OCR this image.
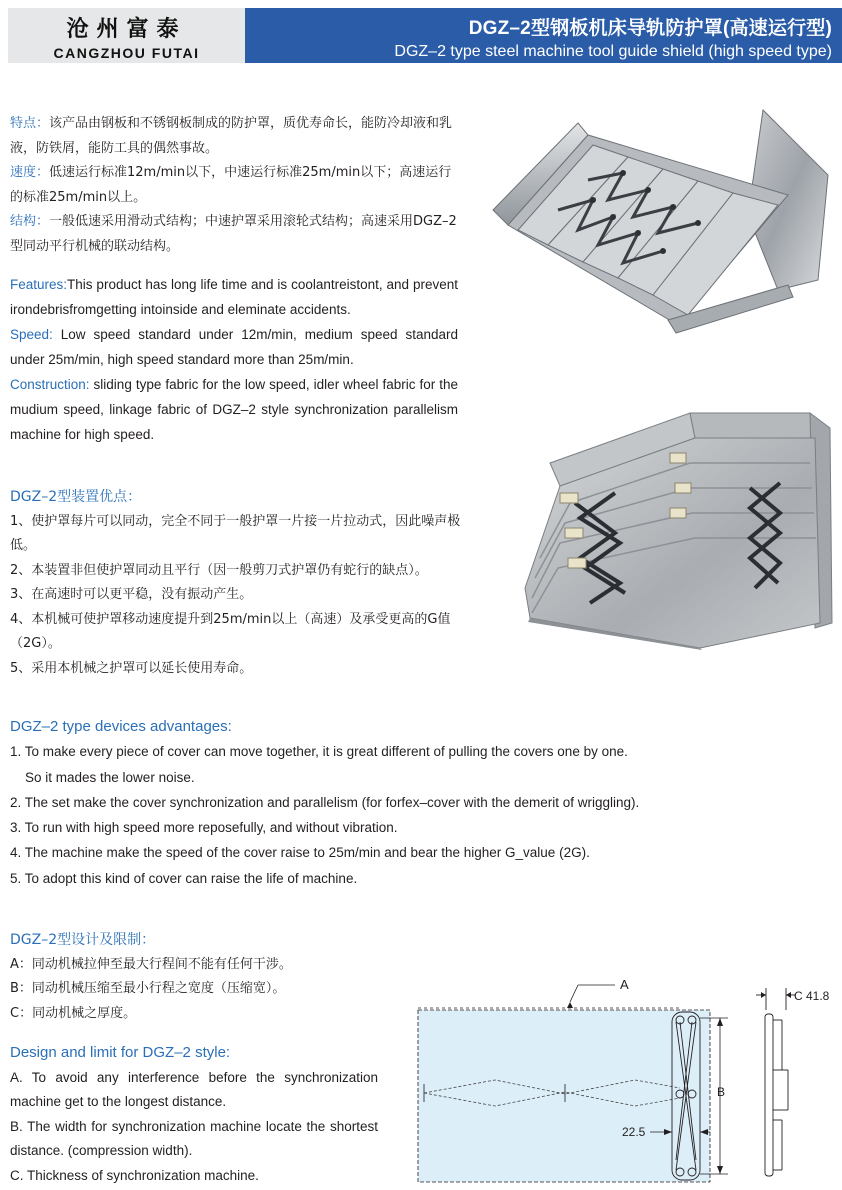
沧州富泰
CANGZHOU FUTAI
DGZ–2型钢板机床导轨防护罩(高速运行型)
DGZ–2 type steel machine tool guide shield (high speed type)

特点：该产品由钢板和不锈钢板制成的防护罩，质优寿命长，能防冷却液和乳液，防铁屑，能防工具的偶然事故。

速度：低速运行标准12m/min以下，中速运行标准25m/min以下；高速运行的标准25m/min以上。

结构：一般低速采用滑动式结构；中速护罩采用滚轮式结构；高速采用DGZ–2型同动平行机械的联动结构。

Features:This product has long life time and is coolantreistont, and prevent irondebrisfromgetting intoinside and eleminate accidents.

Speed: Low speed standard under 12m/min, medium speed standard under 25m/min, high speed standard more than 25m/min.

Construction: sliding type fabric for the low speed, idler wheel fabric for the mudium speed, linkage fabric of DGZ–2 style synchronization parallelism machine for high speed.

DGZ–2型装置优点：

1、使护罩每片可以同动，完全不同于一般护罩一片接一片拉动式，因此噪声极低。

2、本装置非但使护罩同动且平行（因一般剪刀式护罩仍有蛇行的缺点）。

3、在高速时可以更平稳，没有振动产生。

4、本机械可使护罩移动速度提升到25m/min以上（高速）及承受更高的G值（2G）。

5、采用本机械之护罩可以延长使用寿命。

DGZ–2 type devices advantages:

1. To make every piece of cover can move together, it is great different of pulling the covers one by one.

So it mades the lower noise.

2. The set make the cover synchronization and parallelism (for forfex–cover with the demerit of wriggling).

3. To run with high speed more reposefully, and without vibration.

4. The machine make the speed of the cover raise to 25m/min and bear the higher G_value (2G).

5. To adopt this kind of cover can raise the life of machine.

DGZ–2型设计及限制：

A：同动机械拉伸至最大行程间不能有任何干涉。

B：同动机械压缩至最小行程之宽度（压缩宽）。

C：同动机械之厚度。

Design and limit for DGZ–2 style:

A. To avoid any interference before the synchronization machine get to the longest distance.

B. The width for synchronization machine locate the shortest distance. (compression width).

C. Thickness of synchronization machine.

A
B
22.5
C 41.8
